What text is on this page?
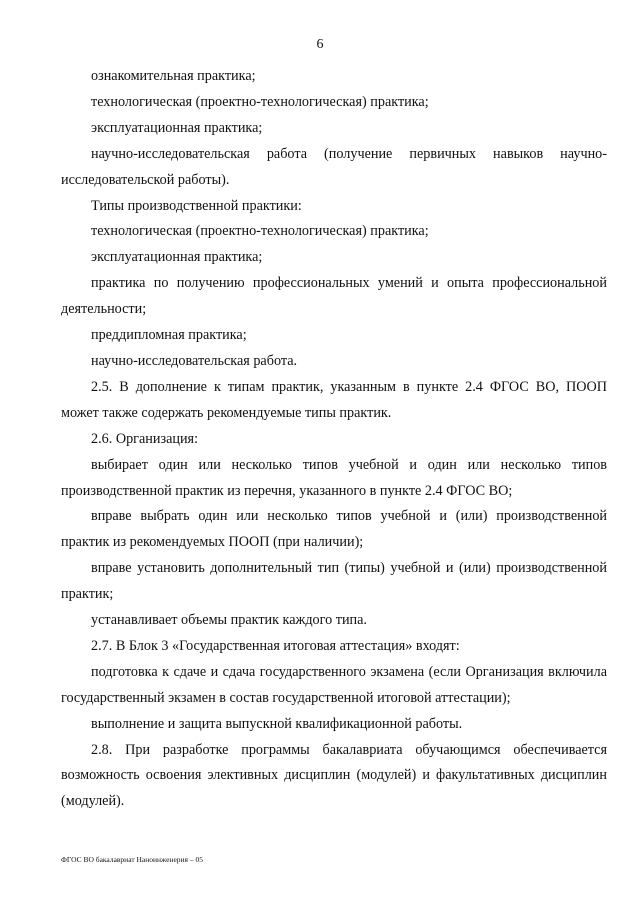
6

ознакомительная практика;

технологическая (проектно-технологическая) практика;

эксплуатационная практика;

научно-исследовательская работа (получение первичных навыков научно-исследовательской работы).

Типы производственной практики:

технологическая (проектно-технологическая) практика;

эксплуатационная практика;

практика по получению профессиональных умений и опыта профессиональной деятельности;

преддипломная практика;

научно-исследовательская работа.

2.5. В дополнение к типам практик, указанным в пункте 2.4 ФГОС ВО, ПООП может также содержать рекомендуемые типы практик.

2.6. Организация:

выбирает один или несколько типов учебной и один или несколько типов производственной практик из перечня, указанного в пункте 2.4 ФГОС ВО;

вправе выбрать один или несколько типов учебной и (или) производственной практик из рекомендуемых ПООП (при наличии);

вправе установить дополнительный тип (типы) учебной и (или) производственной практик;

устанавливает объемы практик каждого типа.

2.7. В Блок 3 «Государственная итоговая аттестация» входят:

подготовка к сдаче и сдача государственного экзамена (если Организация включила государственный экзамен в состав государственной итоговой аттестации);

выполнение и защита выпускной квалификационной работы.

2.8. При разработке программы бакалавриата обучающимся обеспечивается возможность освоения элективных дисциплин (модулей) и факультативных дисциплин (модулей).

ФГОС ВО бакалавриат Наноинженерия – 05
